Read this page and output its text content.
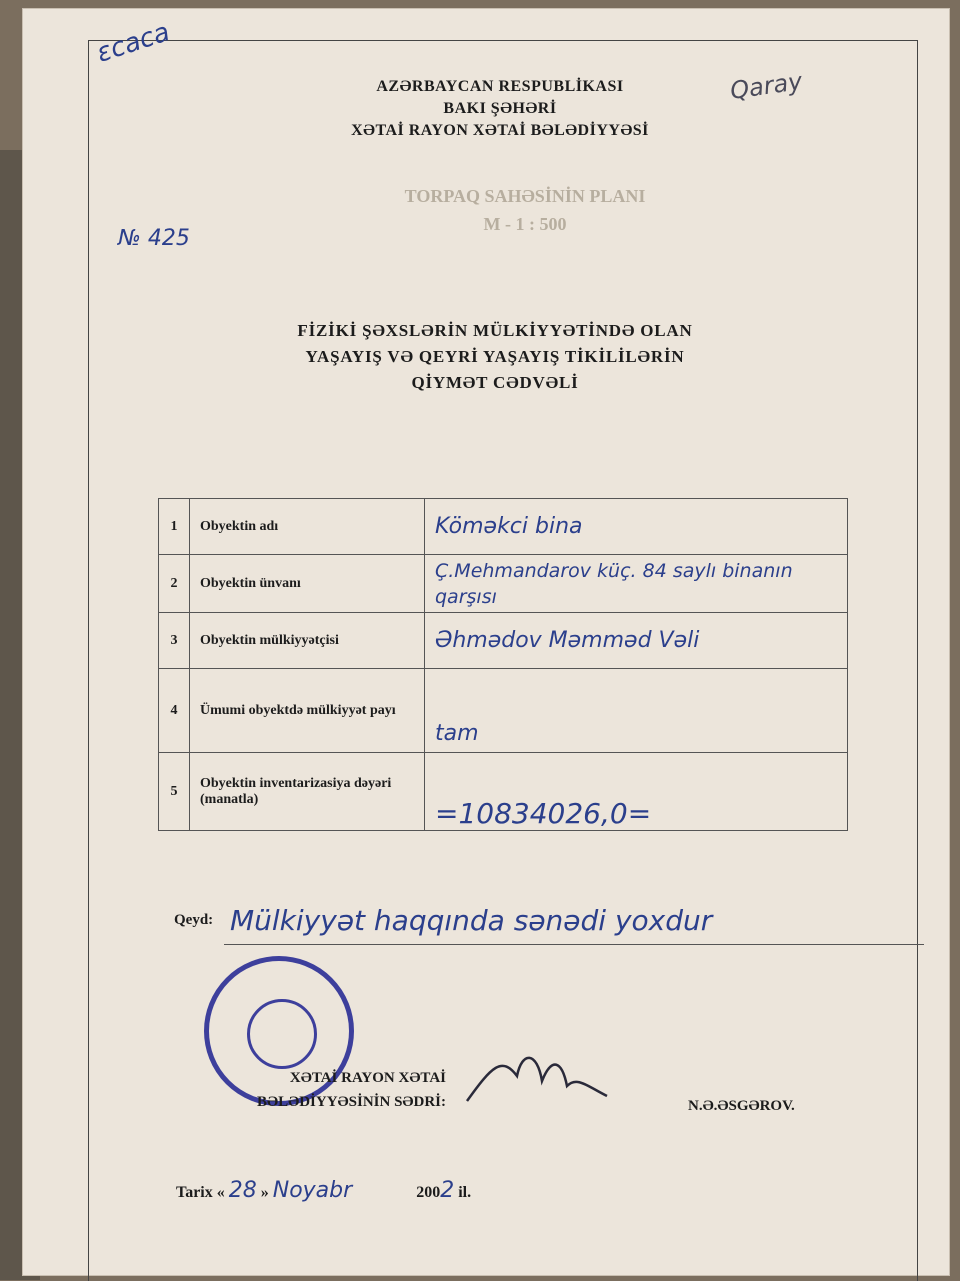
ɛcaca
Qaray
№ 425
AZƏRBAYCAN RESPUBLİKASI
BAKI ŞƏHƏRİ
XƏTAİ RAYON XƏTAİ BƏLƏDİYYƏSİ
TORPAQ SAHƏSİNİN PLANI
M - 1 : 500
FİZİKİ ŞƏXSLƏRİN MÜLKİYYƏTİNDƏ OLAN
YAŞAYIŞ VƏ QEYRİ YAŞAYIŞ TİKİLİLƏRİN
QİYMƏT CƏDVƏLİ
1	Obyektin adı	Köməkci bina
2	Obyektin ünvanı	Ç.Mehmandarov küç. 84 saylı binanın qarşısı
3	Obyektin mülkiyyətçisi	Əhmədov Məmməd Vəli
4	Ümumi obyektdə mülkiyyət payı	tam
5	Obyektin inventarizasiya dəyəri (manatla)	=10834026,0=
Qeyd: Mülkiyyət haqqında sənədi yoxdur
XƏTAİ RAYON XƏTAİ
BƏLƏDİYYƏSİNİN SƏDRİ:	N.Ə.ƏSGƏROV.
Tarix « 28 » Noyabr	2002 il.
